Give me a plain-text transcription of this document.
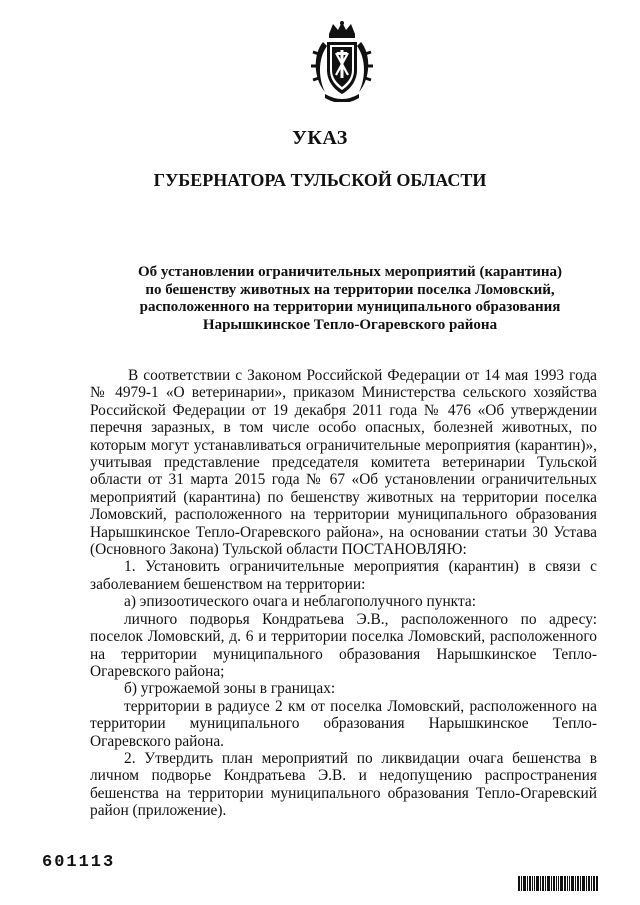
УКАЗ
ГУБЕРНАТОРА ТУЛЬСКОЙ ОБЛАСТИ
Об установлении ограничительных мероприятий (карантина)
по бешенству животных на территории поселка Ломовский,
расположенного на территории муниципального образования
Нарышкинское Тепло-Огаревского района

В соответствии с Законом Российской Федерации от 14 мая 1993 года № 4979-1 «О ветеринарии», приказом Министерства сельского хозяйства Российской Федерации от 19 декабря 2011 года № 476 «Об утверждении перечня заразных, в том числе особо опасных, болезней животных, по которым могут устанавливаться ограничительные мероприятия (карантин)», учитывая представление председателя комитета ветеринарии Тульской области от 31 марта 2015 года № 67 «Об установлении ограничительных мероприятий (карантина) по бешенству животных на территории поселка Ломовский, расположенного на территории муниципального образования Нарышкинское Тепло-Огаревского района», на основании статьи 30 Устава (Основного Закона) Тульской области ПОСТАНОВЛЯЮ:

1. Установить ограничительные мероприятия (карантин) в связи с заболеванием бешенством на территории:

а) эпизоотического очага и неблагополучного пункта:

личного подворья Кондратьева Э.В., расположенного по адресу: поселок Ломовский, д. 6 и территории поселка Ломовский, расположенного на территории муниципального образования Нарышкинское Тепло-Огаревского района;

б) угрожаемой зоны в границах:

территории в радиусе 2 км от поселка Ломовский, расположенного на территории муниципального образования Нарышкинское Тепло-Огаревского района.

2. Утвердить план мероприятий по ликвидации очага бешенства в личном подворье Кондратьева Э.В. и недопущению распространения бешенства на территории муниципального образования Тепло-Огаревский район (приложение).

601113
